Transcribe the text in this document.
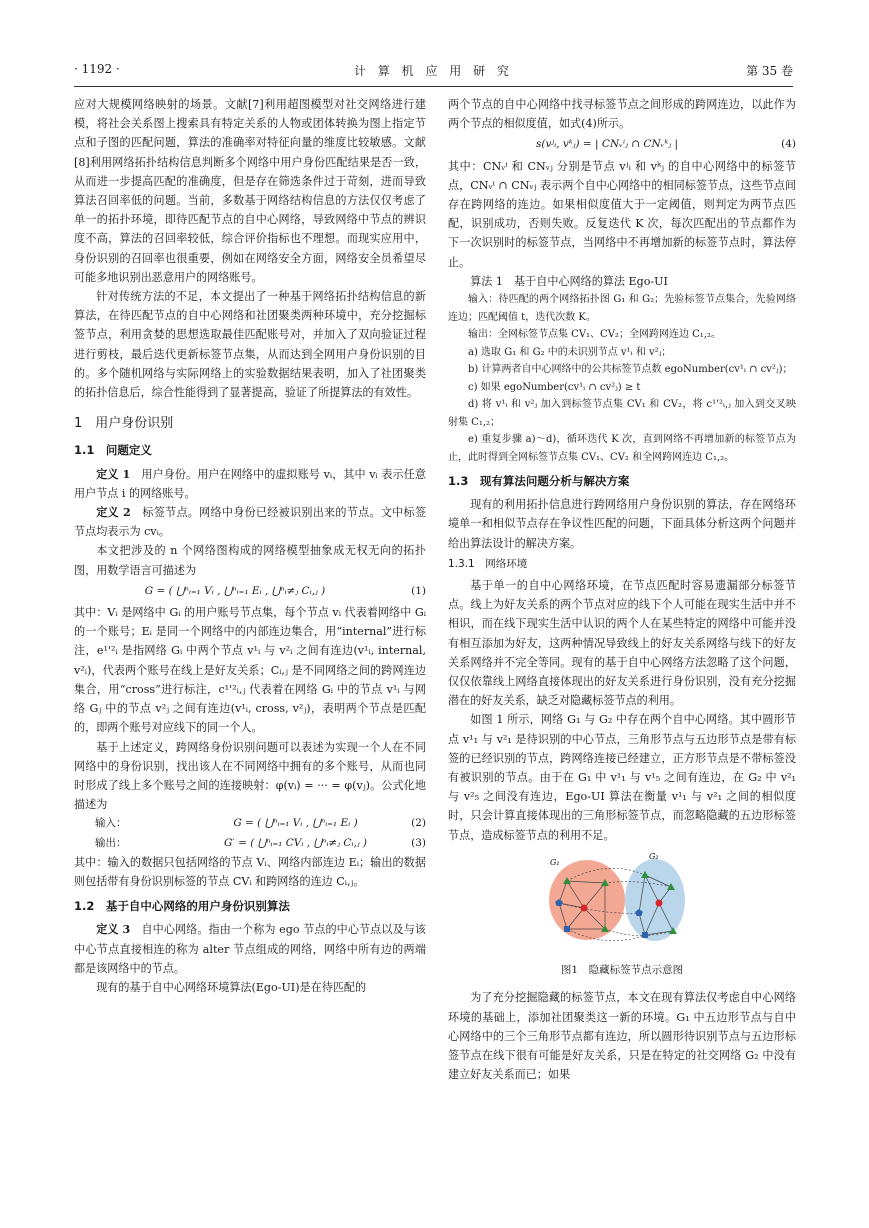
· 1192 ·	计 算 机 应 用 研 究	第 35 卷

应对大规模网络映射的场景。文献[7]利用超图模型对社交网络进行建模，将社会关系图上搜索具有特定关系的人物或团体转换为图上指定节点和子图的匹配问题，算法的准确率对特征向量的维度比较敏感。文献[8]利用网络拓扑结构信息判断多个网络中用户身份匹配结果是否一致，从而进一步提高匹配的准确度，但是存在筛选条件过于苛刻，进而导致算法召回率低的问题。当前，多数基于网络结构信息的方法仅仅考虑了单一的拓扑环境，即待匹配节点的自中心网络，导致网络中节点的辨识度不高，算法的召回率较低，综合评价指标也不理想。而现实应用中，身份识别的召回率也很重要，例如在网络安全方面，网络安全员希望尽可能多地识别出恶意用户的网络账号。

针对传统方法的不足，本文提出了一种基于网络拓扑结构信息的新算法，在待匹配节点的自中心网络和社团聚类两种环境中，充分挖掘标签节点，利用贪婪的思想选取最佳匹配账号对，并加入了双向验证过程进行剪枝，最后迭代更新标签节点集，从而达到全网用户身份识别的目的。多个随机网络与实际网络上的实验数据结果表明，加入了社团聚类的拓扑信息后，综合性能得到了显著提高，验证了所提算法的有效性。

1　用户身份识别
1.1　问题定义

定义 1　 用户身份。用户在网络中的虚拟账号 vᵢ，其中 vᵢ 表示任意用户节点 i 的网络账号。

定义 2　 标签节点。网络中身份已经被识别出来的节点。文中标签节点均表示为 cvᵢ。

本文把涉及的 n 个网络图构成的网络模型抽象成无权无向的拓扑图，用数学语言可描述为

G = ( ⋃ⁿᵢ₌₁ Vᵢ , ⋃ⁿᵢ₌₁ Eᵢ , ⋃ⁿᵢ≠ⱼ Cᵢ,ⱼ )	(1)

其中：Vᵢ 是网络中 Gᵢ 的用户账号节点集，每个节点 vᵢ 代表着网络中 Gᵢ 的一个账号；Eᵢ 是同一个网络中的内部连边集合，用“internal”进行标注，e¹'²ᵢ 是指网络 Gᵢ 中两个节点 v¹ᵢ 与 v²ᵢ 之间有连边(v¹ᵢ, internal, v²ᵢ)，代表两个账号在线上是好友关系；Cᵢ,ⱼ 是不同网络之间的跨网连边集合，用“cross”进行标注，c¹'²ᵢ,ⱼ 代表着在网络 Gᵢ 中的节点 v¹ᵢ 与网络 Gⱼ 中的节点 v²ⱼ 之间有连边(v¹ᵢ, cross, v²ⱼ)，表明两个节点是匹配的，即两个账号对应线下的同一个人。

基于上述定义，跨网络身份识别问题可以表述为实现一个人在不同网络中的身份识别，找出该人在不同网络中拥有的多个账号，从而也同时形成了线上多个账号之间的连接映射：φ(vᵢ) = ··· = φ(vⱼ)。公式化地描述为

输入：	G = ( ⋃ⁿᵢ₌₁ Vᵢ , ⋃ⁿᵢ₌₁ Eᵢ )	(2)
输出：	G′ = ( ⋃ⁿᵢ₌₁ CVᵢ , ⋃ⁿᵢ≠ⱼ Cᵢ,ⱼ )	(3)

其中：输入的数据只包括网络的节点 Vᵢ、网络内部连边 Eᵢ；输出的数据则包括带有身份识别标签的节点 CVᵢ 和跨网络的连边 Cᵢ,ⱼ。

1.2　基于自中心网络的用户身份识别算法

定义 3　 自中心网络。指由一个称为 ego 节点的中心节点以及与该中心节点直接相连的称为 alter 节点组成的网络，网络中所有边的两端都是该网络中的节点。

现有的基于自中心网络环境算法(Ego-UI)是在待匹配的

两个节点的自中心网络中找寻标签节点之间形成的跨网连边，以此作为两个节点的相似度值，如式(4)所示。

s(vʲᵢ, vᵏⱼ) = | CNᵥⁱⱼ ∩ CNᵥᵏⱼ |	(4)

其中：CNᵥⁱ 和 CNᵥⱼ 分别是节点 vʲᵢ 和 vᵏⱼ 的自中心网络中的标签节点，CNᵥⁱ ∩ CNᵥⱼ 表示两个自中心网络中的相同标签节点，这些节点间存在跨网络的连边。如果相似度值大于一定阈值，则判定为两节点匹配，识别成功，否则失败。反复迭代 K 次，每次匹配出的节点都作为下一次识别时的标签节点，当网络中不再增加新的标签节点时，算法停止。

算法 1　基于自中心网络的算法 Ego-UI

输入：待匹配的两个网络拓扑图 G₁ 和 G₂；先验标签节点集合，先验网络连边；匹配阈值 t，迭代次数 K。

输出：全网标签节点集 CV₁、CV₂；全网跨网连边 C₁,₂。

a) 选取 G₁ 和 G₂ 中的未识别节点 v¹ᵢ 和 v²ⱼ；

b) 计算两者自中心网络中的公共标签节点数 egoNumber(cv¹ᵢ ∩ cv²ⱼ)；

c) 如果 egoNumber(cv¹ᵢ ∩ cv²ⱼ) ≥ t

d) 将 v¹ᵢ 和 v²ⱼ 加入到标签节点集 CV₁ 和 CV₂，将 c¹'²ᵢ,ⱼ 加入到交叉映射集 C₁,₂；

e) 重复步骤 a)～d)，循环迭代 K 次，直到网络不再增加新的标签节点为止，此时得到全网标签节点集 CV₁、CV₂ 和全网跨网连边 C₁,₂。

1.3　现有算法问题分析与解决方案

现有的利用拓扑信息进行跨网络用户身份识别的算法，存在网络环境单一和相似节点存在争议性匹配的问题，下面具体分析这两个问题并给出算法设计的解决方案。

1.3.1　网络环境

基于单一的自中心网络环境，在节点匹配时容易遗漏部分标签节点。线上为好友关系的两个节点对应的线下个人可能在现实生活中并不相识，而在线下现实生活中认识的两个人在某些特定的网络中可能并没有相互添加为好友，这两种情况导致线上的好友关系网络与线下的好友关系网络并不完全等同。现有的基于自中心网络方法忽略了这个问题，仅仅依靠线上网络直接体现出的好友关系进行身份识别，没有充分挖掘潜在的好友关系，缺乏对隐藏标签节点的利用。

如图 1 所示，网络 G₁ 与 G₂ 中存在两个自中心网络。其中圆形节点 v¹₁ 与 v²₁ 是待识别的中心节点，三角形节点与五边形节点是带有标签的已经识别的节点，跨网络连接已经建立，正方形节点是不带标签没有被识别的节点。由于在 G₁ 中 v¹₁ 与 v¹₅ 之间有连边，在 G₂ 中 v²₁ 与 v²₅ 之间没有连边，Ego-UI 算法在衡量 v¹₁ 与 v²₁ 之间的相似度时，只会计算直接体现出的三角形标签节点，而忽略隐藏的五边形标签节点，造成标签节点的利用不足。

G₁
G₂
图1　隐藏标签节点示意图

为了充分挖掘隐藏的标签节点，本文在现有算法仅考虑自中心网络环境的基础上，添加社团聚类这一新的环境。G₁ 中五边形节点与自中心网络中的三个三角形节点都有连边，所以圆形待识别节点与五边形标签节点在线下很有可能是好友关系，只是在特定的社交网络 G₂ 中没有建立好友关系而已；如果
